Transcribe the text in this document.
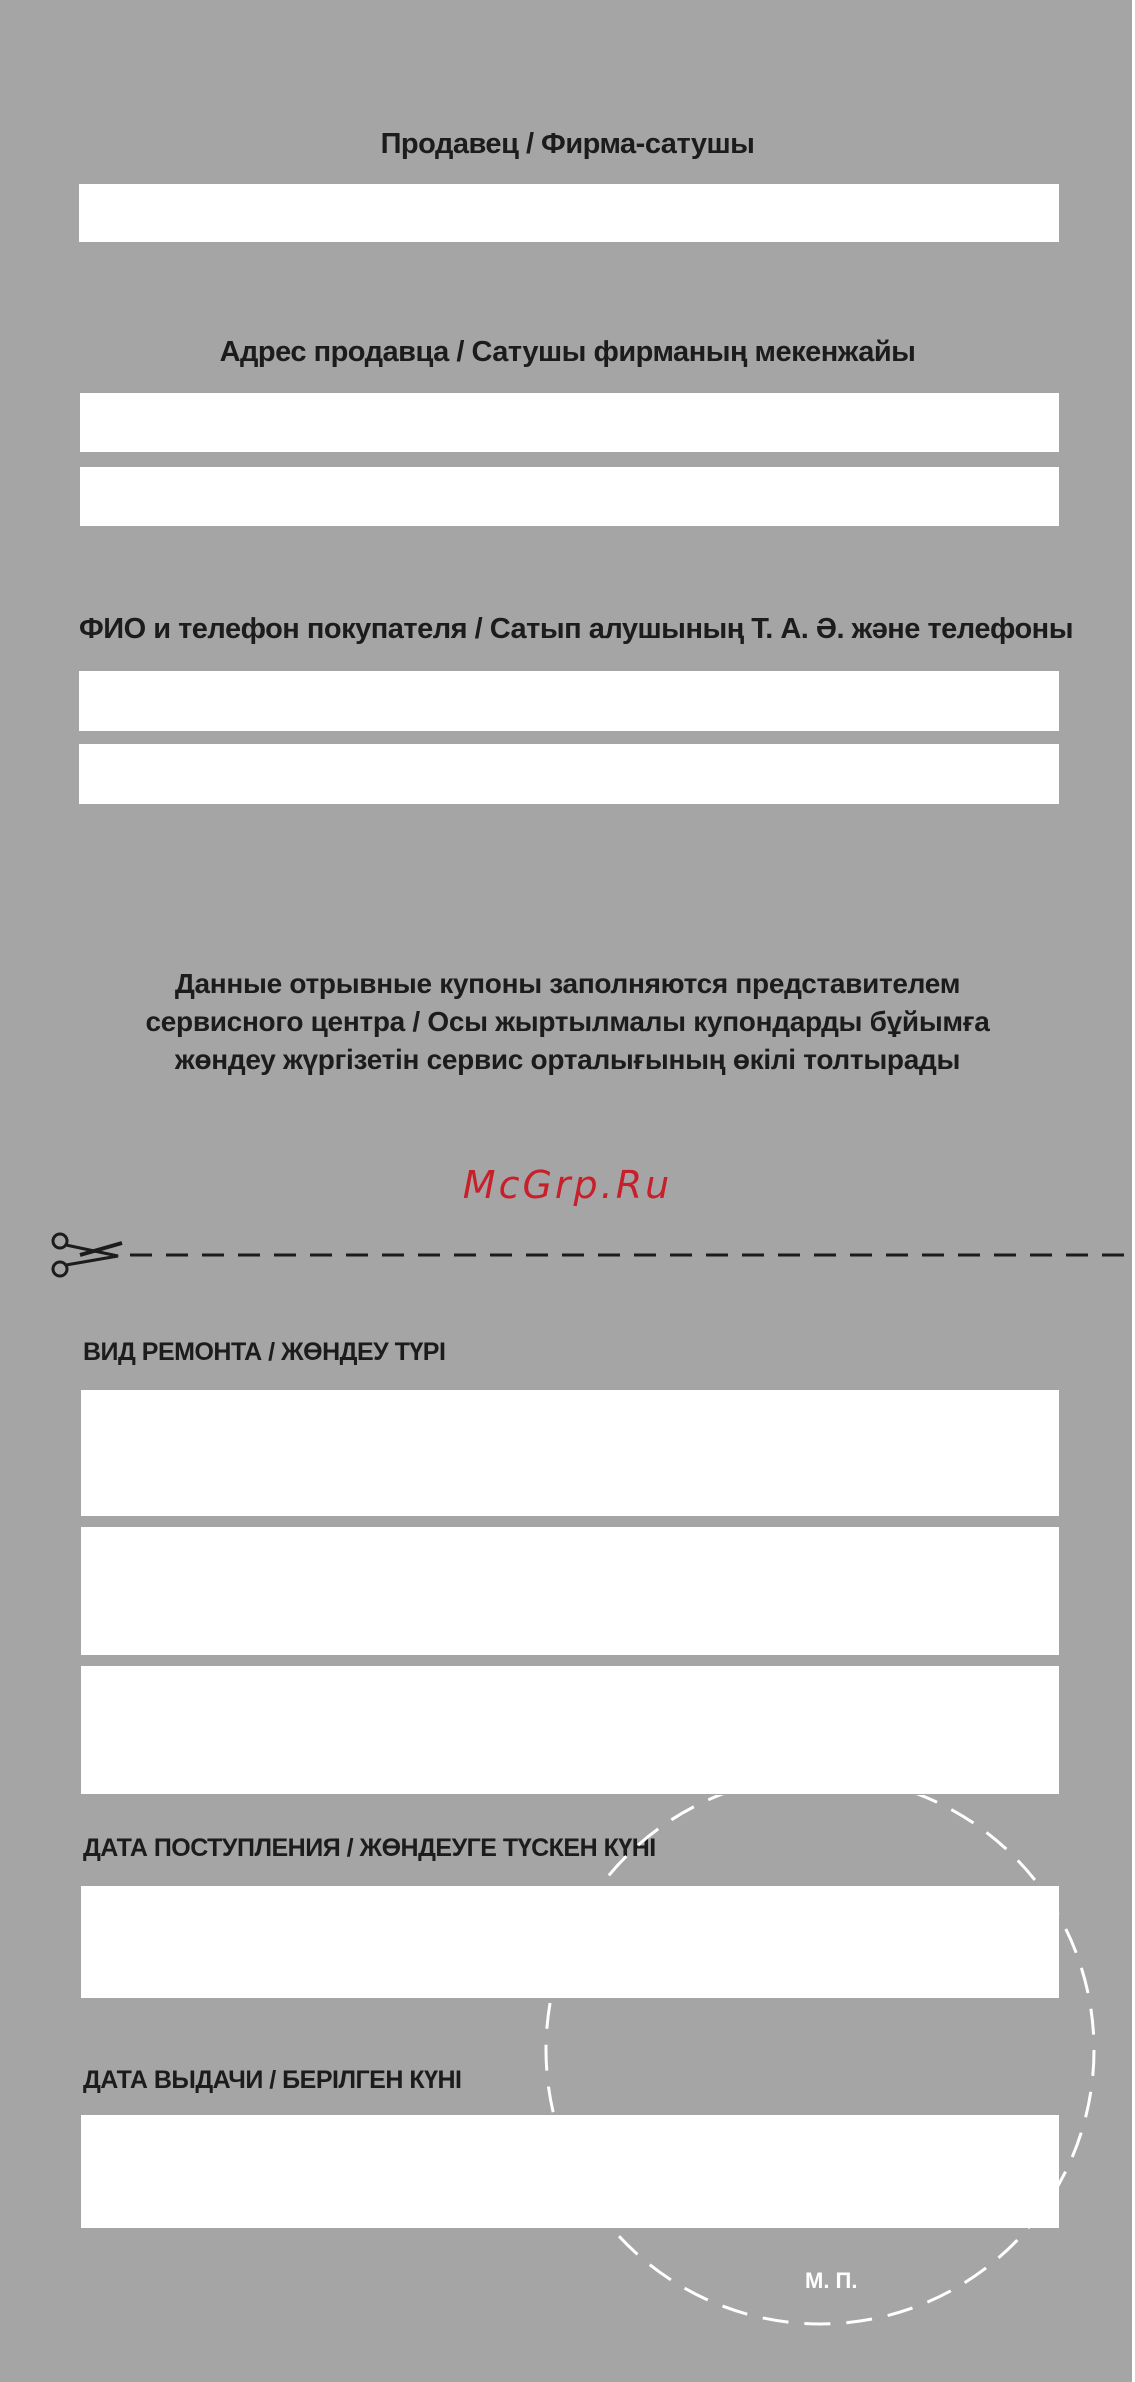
Продавец / Фирма-сатушы
Адрес продавца / Сатушы фирманың мекенжайы
ФИО и телефон покупателя / Сатып алушының Т. А. Ә. және телефоны
Данные отрывные купоны заполняются представителем
сервисного центра / Осы жыртылмалы купондарды бұйымға
жөндеу жүргізетін сервис орталығының өкілі толтырады
McGrp.Ru
ВИД РЕМОНТА / ЖӨНДЕУ ТҮРІ
ДАТА ПОСТУПЛЕНИЯ / ЖӨНДЕУГЕ ТҮСКЕН КҮНІ
ДАТА ВЫДАЧИ / БЕРІЛГЕН КҮНІ
М. П.
